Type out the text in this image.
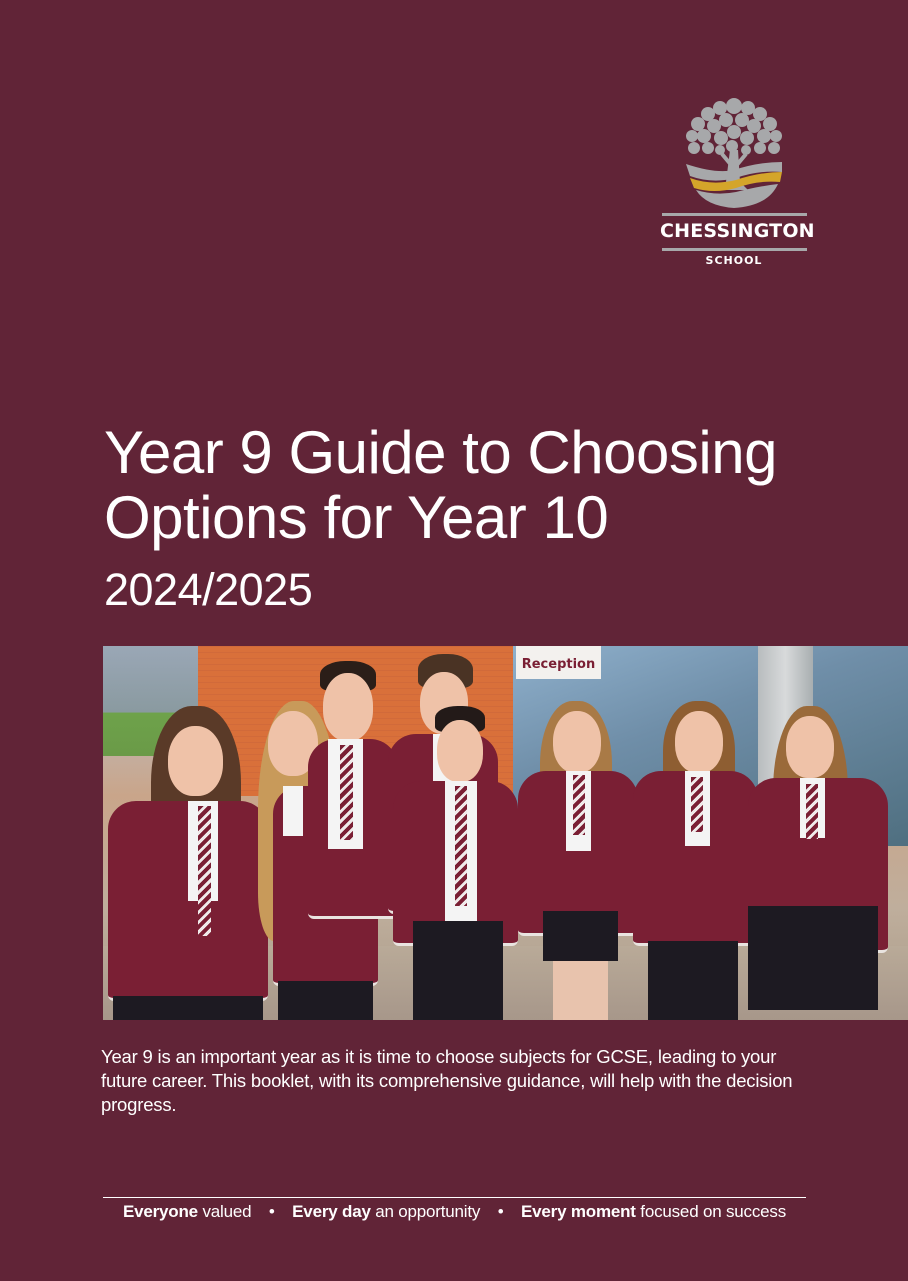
CHESSINGTON
SCHOOL
Year 9 Guide to Choosing
Options for Year 10
2024/2025
Reception

Year 9 is an important year as it is time to choose subjects for GCSE, leading to your future career. This booklet, with its comprehensive guidance, will help with the decision progress.

Everyone valued • Every day an opportunity • Every moment focused on success
